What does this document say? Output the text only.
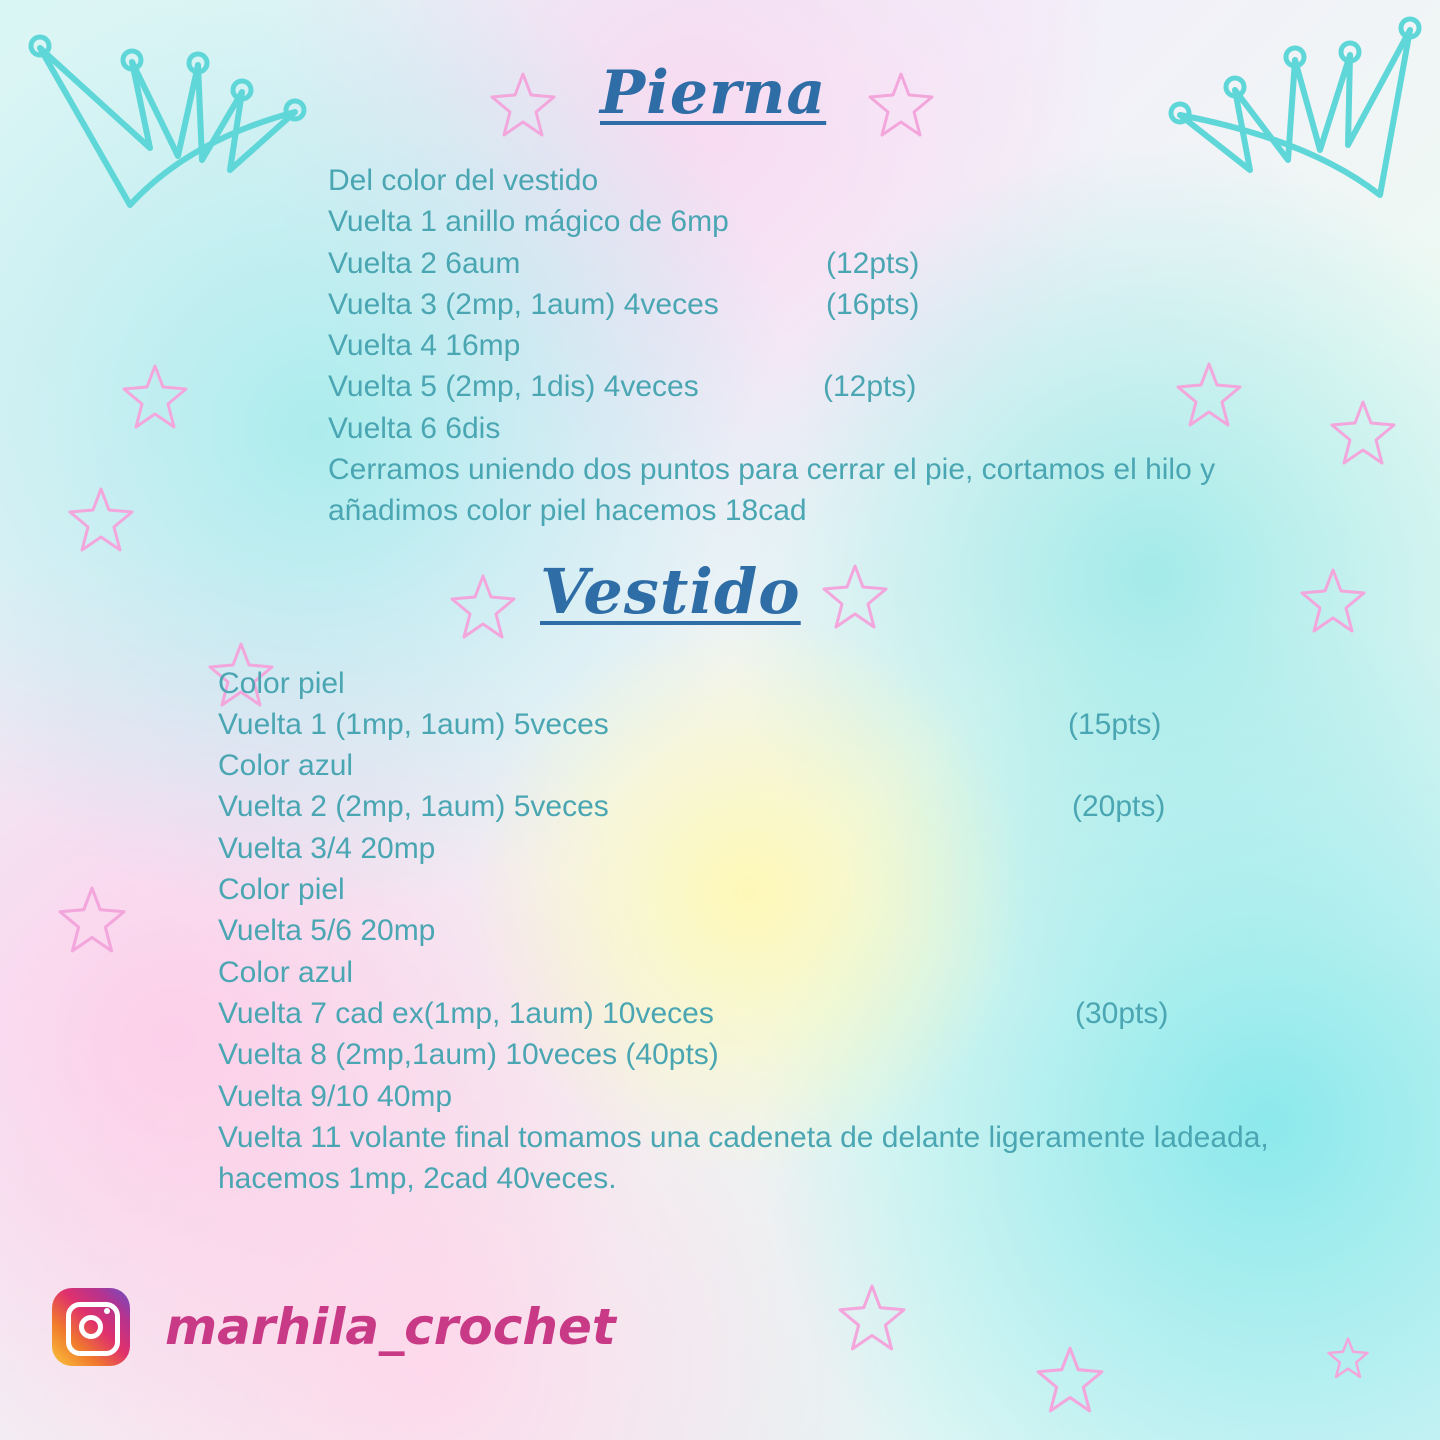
Pierna
Del color del vestido
Vuelta 1 anillo mágico de 6mp
Vuelta 2 6aum
Vuelta 3 (2mp, 1aum) 4veces
Vuelta 4 16mp
Vuelta 5 (2mp, 1dis) 4veces
Vuelta 6 6dis
Cerramos uniendo dos puntos para cerrar el pie, cortamos el hilo y
añadimos color piel hacemos 18cad
(12pts)
(16pts)
(12pts)
Vestido
Color piel
Vuelta 1 (1mp, 1aum) 5veces
Color azul
Vuelta 2 (2mp, 1aum) 5veces
Vuelta 3/4 20mp
Color piel
Vuelta 5/6 20mp
Color azul
Vuelta 7 cad ex(1mp, 1aum) 10veces
Vuelta 8 (2mp,1aum) 10veces (40pts)
Vuelta 9/10 40mp
Vuelta 11 volante final tomamos una cadeneta de delante ligeramente ladeada,
hacemos 1mp, 2cad 40veces.
(15pts)
(20pts)
(30pts)
marhila_crochet
